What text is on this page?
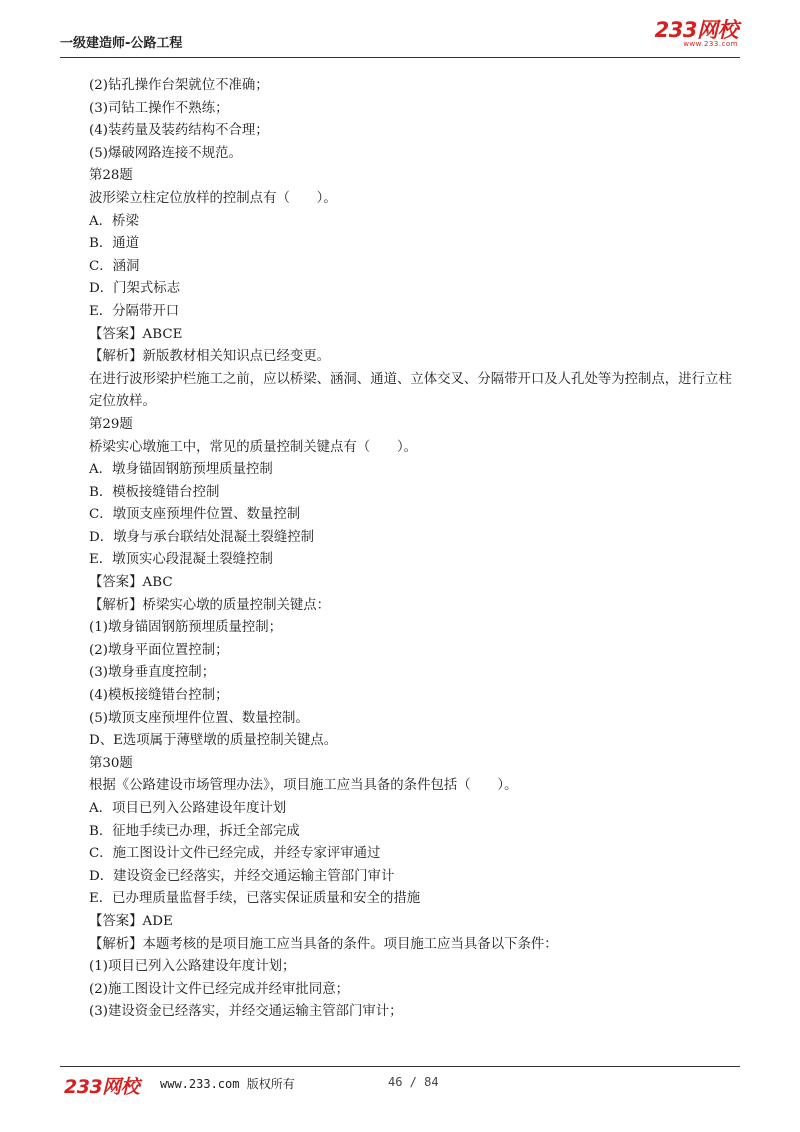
一级建造师-公路工程
233网校
www.233.com
(2)钻孔操作台架就位不准确；
(3)司钻工操作不熟练；
(4)装药量及装药结构不合理；
(5)爆破网路连接不规范。
第28题
波形梁立柱定位放样的控制点有（　　）。
A．桥梁
B．通道
C．涵洞
D．门架式标志
E．分隔带开口
【答案】ABCE
【解析】新版教材相关知识点已经变更。
在进行波形梁护栏施工之前，应以桥梁、涵洞、通道、立体交叉、分隔带开口及人孔处等为控制点，进行立柱定位放样。
第29题
桥梁实心墩施工中，常见的质量控制关键点有（　　）。
A．墩身锚固钢筋预埋质量控制
B．模板接缝错台控制
C．墩顶支座预埋件位置、数量控制
D．墩身与承台联结处混凝土裂缝控制
E．墩顶实心段混凝土裂缝控制
【答案】ABC
【解析】桥梁实心墩的质量控制关键点：
(1)墩身锚固钢筋预埋质量控制；
(2)墩身平面位置控制；
(3)墩身垂直度控制；
(4)模板接缝错台控制；
(5)墩顶支座预埋件位置、数量控制。
D、E选项属于薄壁墩的质量控制关键点。
第30题
根据《公路建设市场管理办法》，项目施工应当具备的条件包括（　　）。
A．项目已列入公路建设年度计划
B．征地手续已办理，拆迁全部完成
C．施工图设计文件已经完成，并经专家评审通过
D．建设资金已经落实，并经交通运输主管部门审计
E．已办理质量监督手续，已落实保证质量和安全的措施
【答案】ADE
【解析】本题考核的是项目施工应当具备的条件。项目施工应当具备以下条件：
(1)项目已列入公路建设年度计划；
(2)施工图设计文件已经完成并经审批同意；
(3)建设资金已经落实，并经交通运输主管部门审计；
233网校 www.233.com 版权所有	46 / 84
